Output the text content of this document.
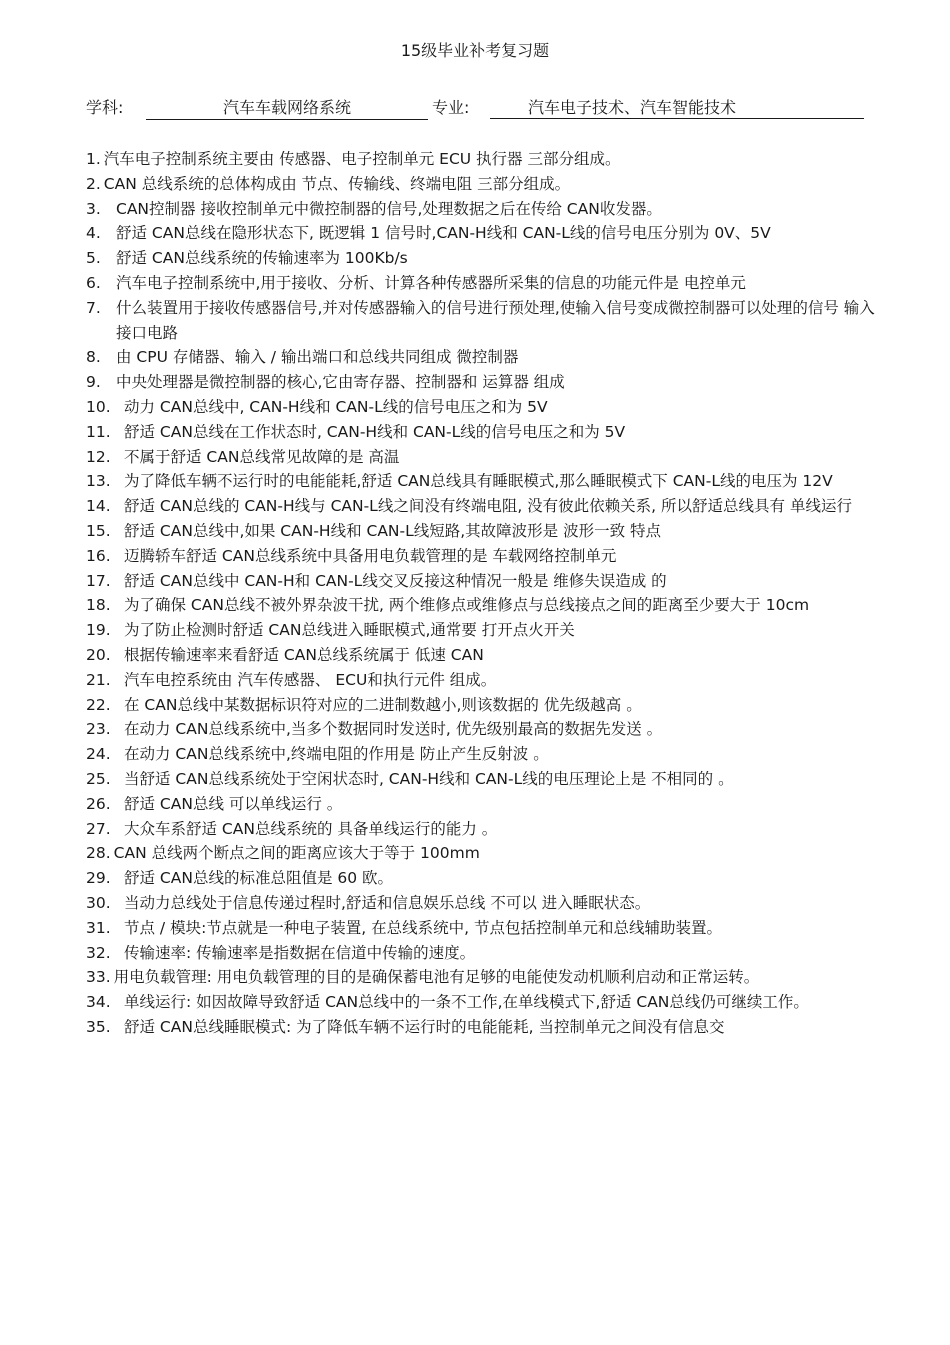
15级毕业补考复习题
学科:	汽车车载网络系统	专业:	汽车电子技术、汽车智能技术
1. 汽车电子控制系统主要由 传感器、电子控制单元 ECU 执行器 三部分组成。
2. CAN 总线系统的总体构成由 节点、传输线、终端电阻 三部分组成。
3. CAN控制器 接收控制单元中微控制器的信号,处理数据之后在传给 CAN收发器。
4. 舒适 CAN总线在隐形状态下, 既逻辑 1 信号时,CAN-H线和 CAN-L线的信号电压分别为 0V、5V
5. 舒适 CAN总线系统的传输速率为 100Kb/s
6. 汽车电子控制系统中,用于接收、分析、计算各种传感器所采集的信息的功能元件是 电控单元
7. 什么装置用于接收传感器信号,并对传感器输入的信号进行预处理,使输入信号变成微控制器可以处理的信号 输入接口电路
8. 由 CPU 存储器、输入 / 输出端口和总线共同组成 微控制器
9. 中央处理器是微控制器的核心,它由寄存器、控制器和 运算器 组成
10. 动力 CAN总线中, CAN-H线和 CAN-L线的信号电压之和为 5V
11. 舒适 CAN总线在工作状态时, CAN-H线和 CAN-L线的信号电压之和为 5V
12. 不属于舒适 CAN总线常见故障的是 高温
13. 为了降低车辆不运行时的电能能耗,舒适 CAN总线具有睡眠模式,那么睡眠模式下 CAN-L线的电压为 12V
14. 舒适 CAN总线的 CAN-H线与 CAN-L线之间没有终端电阻, 没有彼此依赖关系, 所以舒适总线具有 单线运行
15. 舒适 CAN总线中,如果 CAN-H线和 CAN-L线短路,其故障波形是 波形一致 特点
16. 迈腾轿车舒适 CAN总线系统中具备用电负载管理的是 车载网络控制单元
17. 舒适 CAN总线中 CAN-H和 CAN-L线交叉反接这种情况一般是 维修失误造成 的
18. 为了确保 CAN总线不被外界杂波干扰, 两个维修点或维修点与总线接点之间的距离至少要大于 10cm
19. 为了防止检测时舒适 CAN总线进入睡眠模式,通常要 打开点火开关
20. 根据传输速率来看舒适 CAN总线系统属于 低速 CAN
21. 汽车电控系统由 汽车传感器、 ECU和执行元件 组成。
22. 在 CAN总线中某数据标识符对应的二进制数越小,则该数据的 优先级越高 。
23. 在动力 CAN总线系统中,当多个数据同时发送时, 优先级别最高的数据先发送 。
24. 在动力 CAN总线系统中,终端电阻的作用是 防止产生反射波 。
25. 当舒适 CAN总线系统处于空闲状态时, CAN-H线和 CAN-L线的电压理论上是 不相同的 。
26. 舒适 CAN总线 可以单线运行 。
27. 大众车系舒适 CAN总线系统的 具备单线运行的能力 。
28. CAN 总线两个断点之间的距离应该大于等于 100mm
29. 舒适 CAN总线的标准总阻值是 60 欧。
30. 当动力总线处于信息传递过程时,舒适和信息娱乐总线 不可以 进入睡眠状态。
31. 节点 / 模块:节点就是一种电子装置, 在总线系统中, 节点包括控制单元和总线辅助装置。
32. 传输速率: 传输速率是指数据在信道中传输的速度。
33. 用电负载管理: 用电负载管理的目的是确保蓄电池有足够的电能使发动机顺利启动和正常运转。
34. 单线运行: 如因故障导致舒适 CAN总线中的一条不工作,在单线模式下,舒适 CAN总线仍可继续工作。
35. 舒适 CAN总线睡眠模式: 为了降低车辆不运行时的电能能耗, 当控制单元之间没有信息交
